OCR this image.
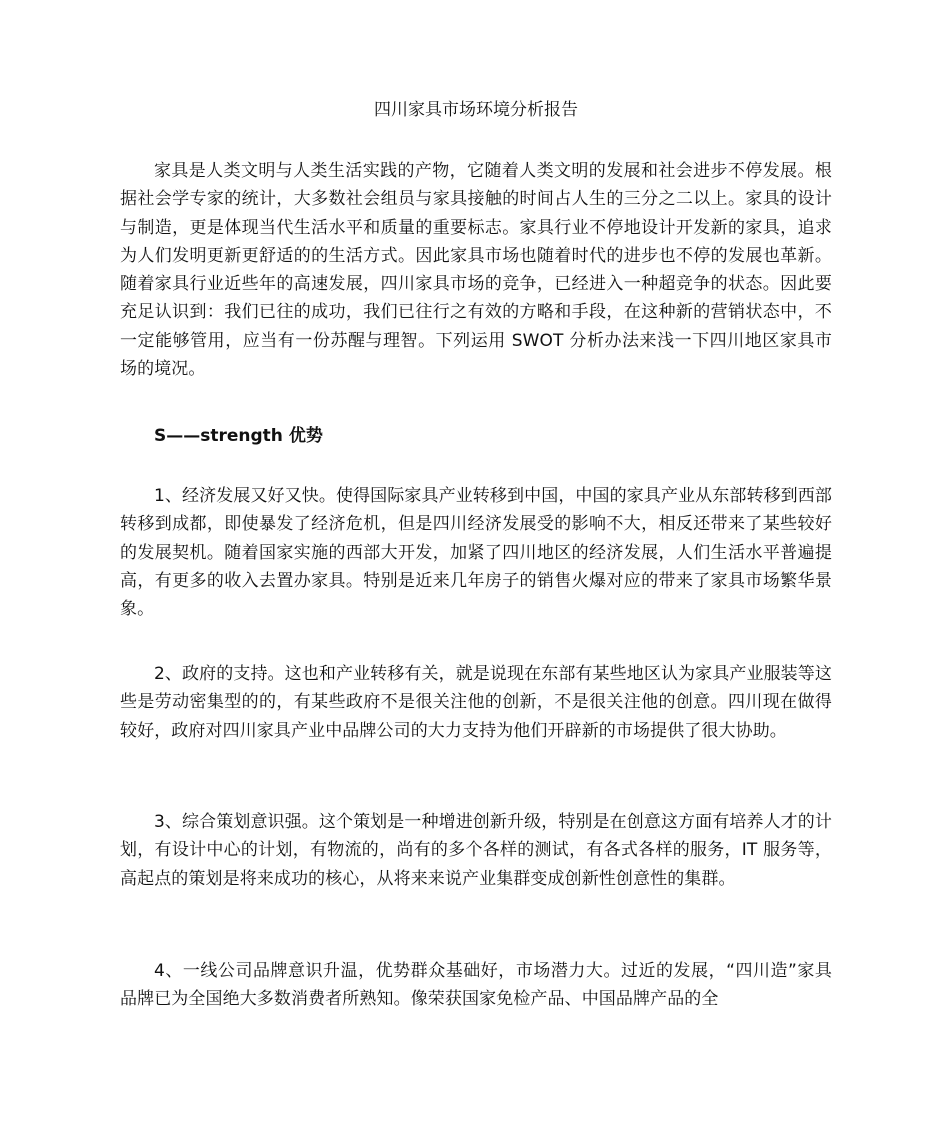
四川家具市场环境分析报告

家具是人类文明与人类生活实践的产物，它随着人类文明的发展和社会进步不停发展。根据社会学专家的统计，大多数社会组员与家具接触的时间占人生的三分之二以上。家具的设计与制造，更是体现当代生活水平和质量的重要标志。家具行业不停地设计开发新的家具，追求为人们发明更新更舒适的的生活方式。因此家具市场也随着时代的进步也不停的发展也革新。随着家具行业近些年的高速发展，四川家具市场的竞争，已经进入一种超竞争的状态。因此要充足认识到：我们已往的成功，我们已往行之有效的方略和手段，在这种新的营销状态中，不一定能够管用，应当有一份苏醒与理智。下列运用 SWOT 分析办法来浅一下四川地区家具市场的境况。

S——strength 优势

1、经济发展又好又快。使得国际家具产业转移到中国，中国的家具产业从东部转移到西部转移到成都，即使暴发了经济危机，但是四川经济发展受的影响不大，相反还带来了某些较好的发展契机。随着国家实施的西部大开发，加紧了四川地区的经济发展，人们生活水平普遍提高，有更多的收入去置办家具。特别是近来几年房子的销售火爆对应的带来了家具市场繁华景象。

2、政府的支持。这也和产业转移有关，就是说现在东部有某些地区认为家具产业服装等这些是劳动密集型的的，有某些政府不是很关注他的创新，不是很关注他的创意。四川现在做得较好，政府对四川家具产业中品牌公司的大力支持为他们开辟新的市场提供了很大协助。

3、综合策划意识强。这个策划是一种增进创新升级，特别是在创意这方面有培养人才的计划，有设计中心的计划，有物流的，尚有的多个各样的测试，有各式各样的服务，IT 服务等，高起点的策划是将来成功的核心，从将来来说产业集群变成创新性创意性的集群。

4、一线公司品牌意识升温，优势群众基础好，市场潜力大。过近的发展，“四川造”家具品牌已为全国绝大多数消费者所熟知。像荣获国家免检产品、中国品牌产品的全
